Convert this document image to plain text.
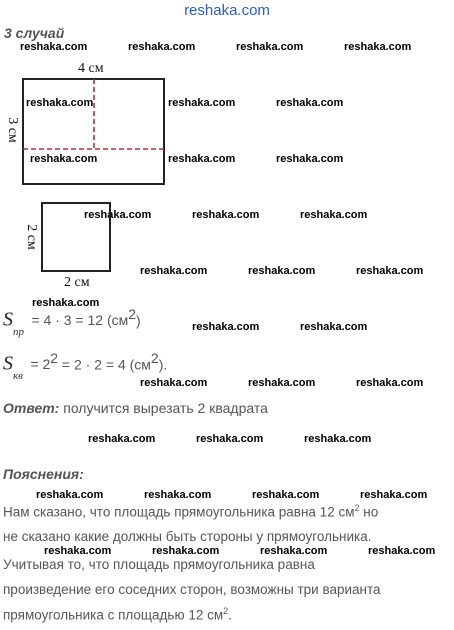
reshaka.com
3 случай
reshaka.com	reshaka.com	reshaka.com	reshaka.com
reshaka.com	reshaka.com	reshaka.com
reshaka.com	reshaka.com	reshaka.com
reshaka.com	reshaka.com	reshaka.com
reshaka.com	reshaka.com	reshaka.com
reshaka.com
reshaka.com	reshaka.com
reshaka.com	reshaka.com	reshaka.com
reshaka.com	reshaka.com	reshaka.com
reshaka.com	reshaka.com	reshaka.com	reshaka.com
reshaka.com	reshaka.com	reshaka.com	reshaka.com
4 см
3 см
2 см
2 см
$S_{пр} = 4 \cdot 3 = 12$ $(см^2)$
$S_{кв} = 2^2 = 2 \cdot 2 = 4$ $(см^2)$.
Ответ: получится вырезать 2 квадрата
Пояснения:
Нам сказано, что площадь прямоугольника равна 12 $см^2$ но
не сказано какие должны быть стороны у прямоугольника.
Учитывая то, что площадь прямоугольника равна
произведение его соседних сторон, возможны три варианта
прямоугольника с площадью 12 $см^2$.
